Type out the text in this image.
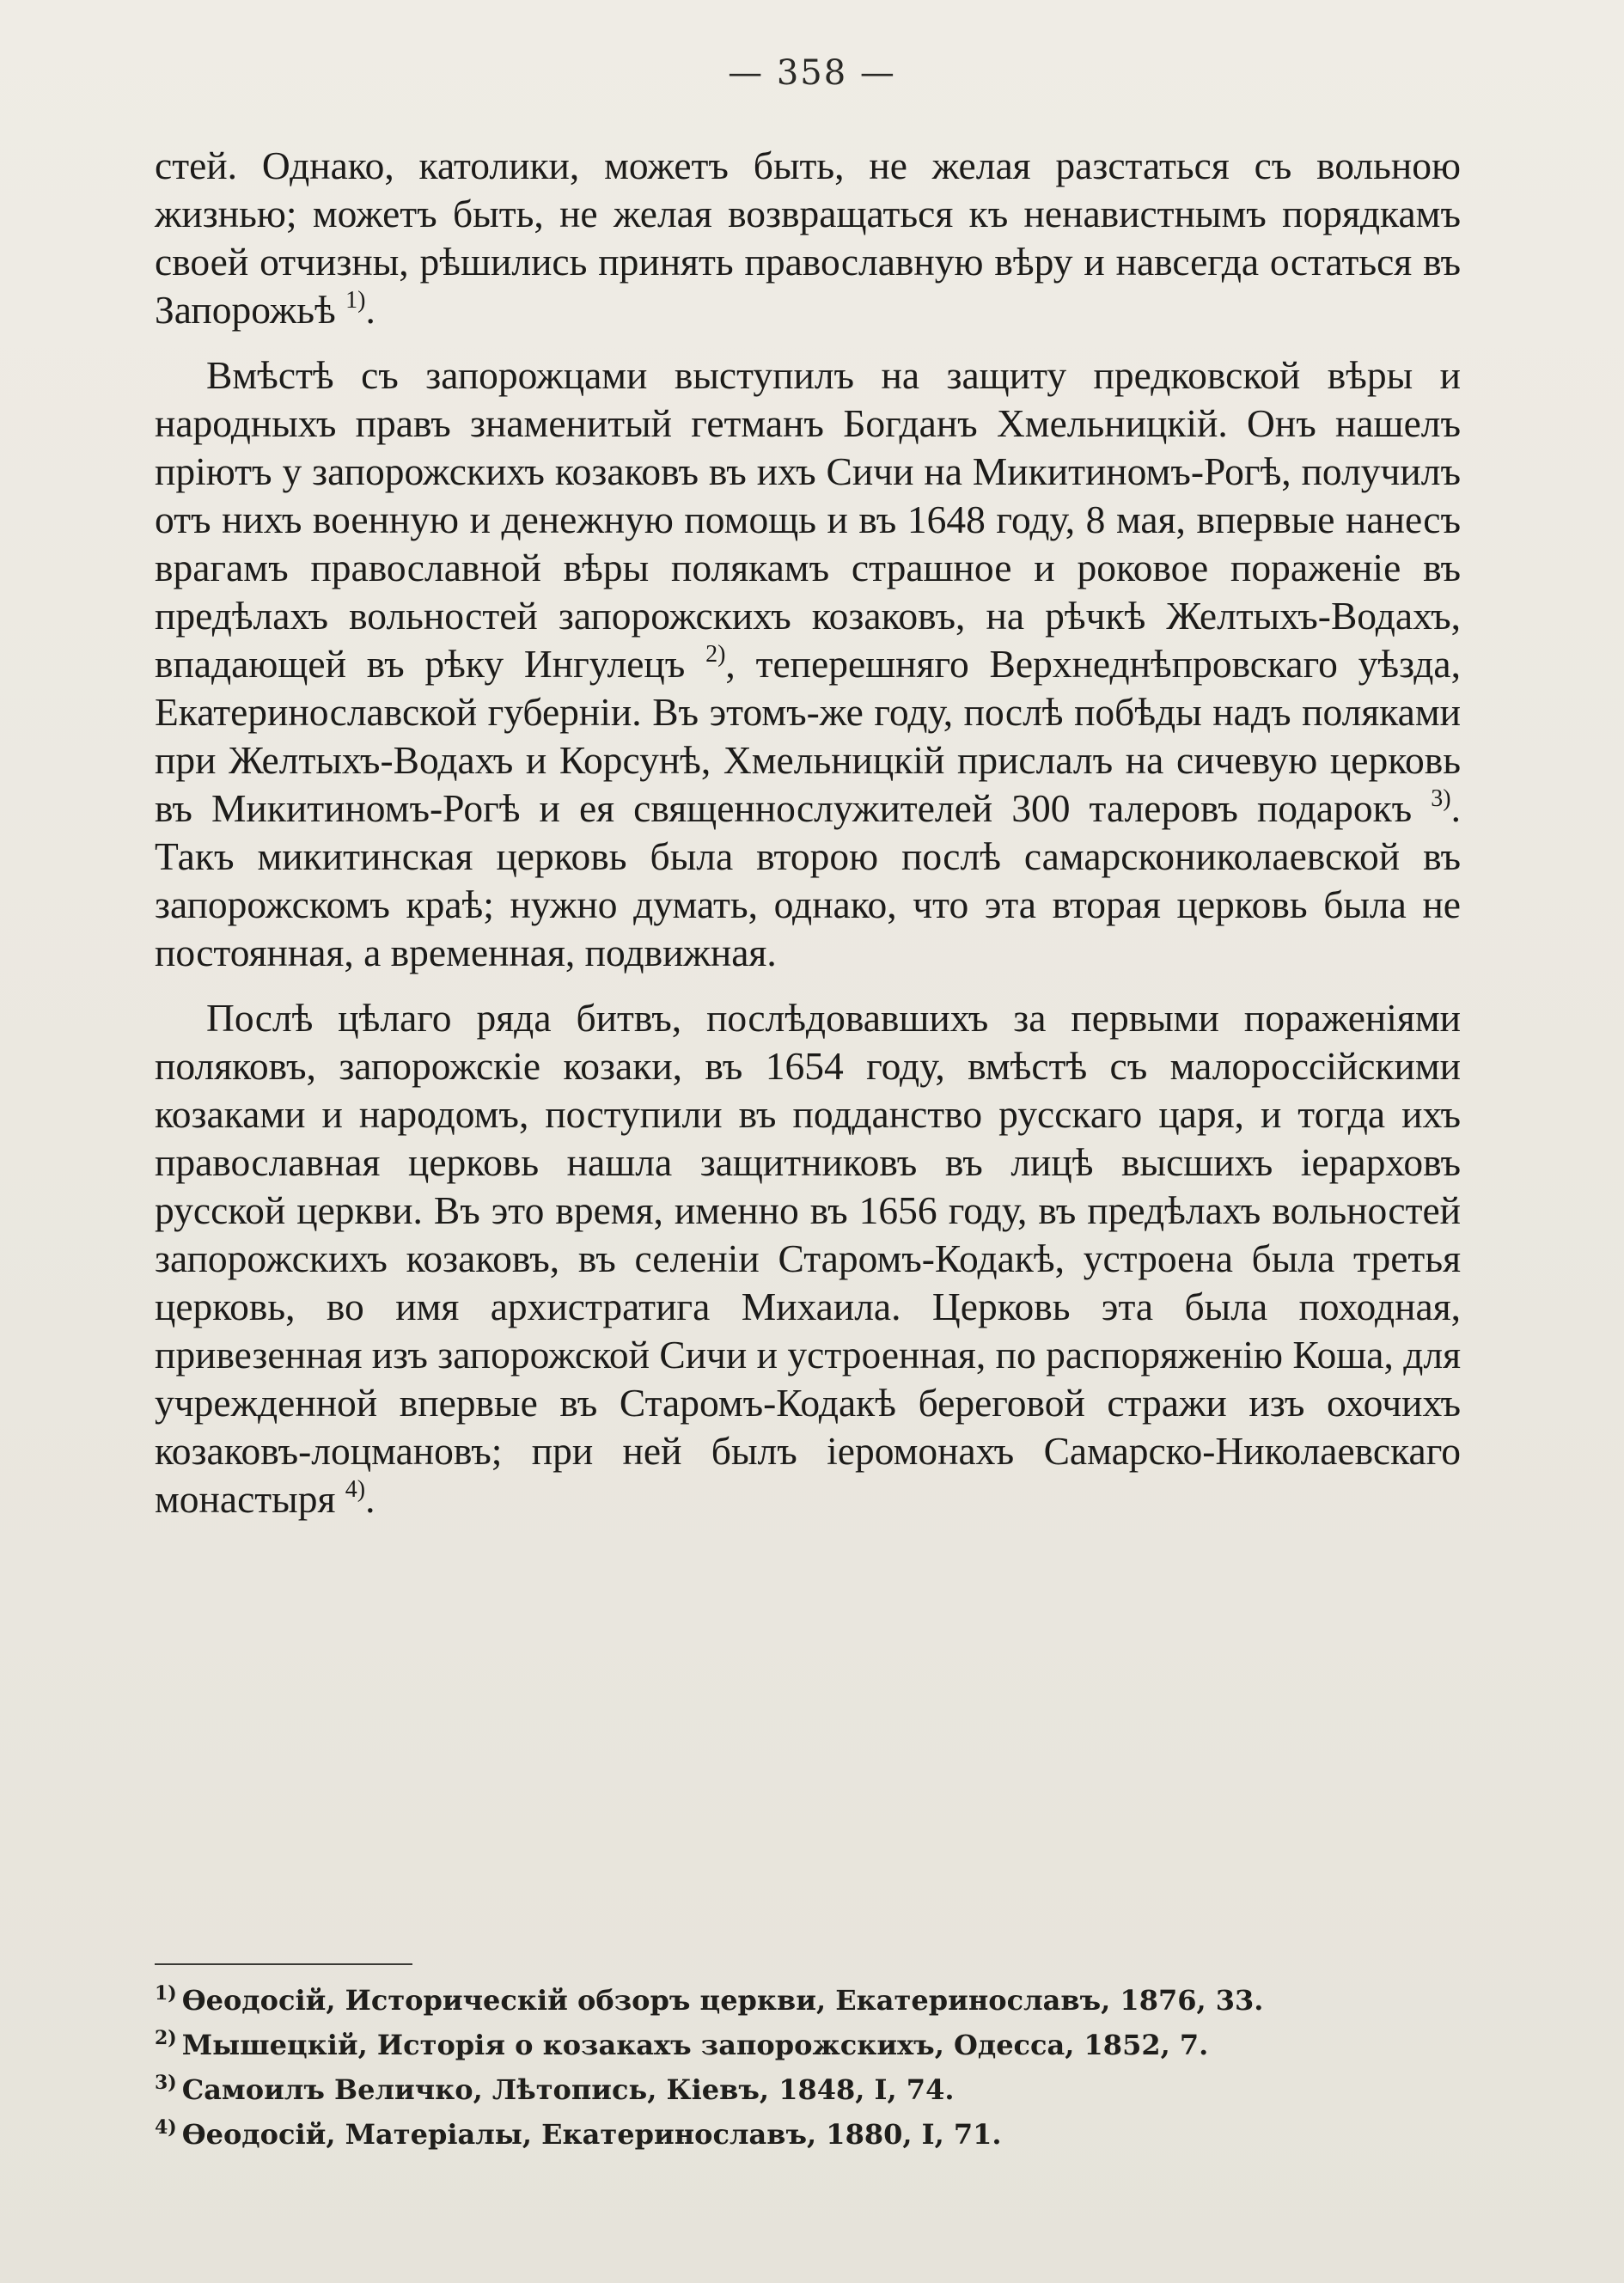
— 358 —

стей. Однако, католики, можетъ быть, не желая разстаться съ вольною жизнью; можетъ быть, не желая возвращаться къ ненавистнымъ порядкамъ своей отчизны, рѣшились принять православную вѣру и навсегда остаться въ Запорожьѣ $^{1)}$.

Вмѣстѣ съ запорожцами выступилъ на защиту предковской вѣры и народныхъ правъ знаменитый гетманъ Богданъ Хмельницкій. Онъ нашелъ пріютъ у запорожскихъ козаковъ въ ихъ Сичи на Микитиномъ-Рогѣ, получилъ отъ нихъ военную и денежную помощь и въ 1648 году, 8 мая, впервые нанесъ врагамъ православной вѣры полякамъ страшное и роковое пораженіе въ предѣлахъ вольностей запорожскихъ козаковъ, на рѣчкѣ Желтыхъ-Водахъ, впадающей въ рѣку Ингулецъ $^{2)}$, теперешняго Верхнеднѣпровскаго уѣзда, Екатеринославской губерніи. Въ этомъ-же году, послѣ побѣды надъ поляками при Желтыхъ-Водахъ и Корсунѣ, Хмельницкій прислалъ на сичевую церковь въ Микитиномъ-Рогѣ и ея священнослужителей 300 талеровъ подарокъ $^{3)}$. Такъ микитинская церковь была второю послѣ самарскониколаевской въ запорожскомъ краѣ; нужно думать, однако, что эта вторая церковь была не постоянная, а временная, подвижная.

Послѣ цѣлаго ряда битвъ, послѣдовавшихъ за первыми пораженіями поляковъ, запорожскіе козаки, въ 1654 году, вмѣстѣ съ малороссійскими козаками и народомъ, поступили въ подданство русскаго царя, и тогда ихъ православная церковь нашла защитниковъ въ лицѣ высшихъ іерарховъ русской церкви. Въ это время, именно въ 1656 году, въ предѣлахъ вольностей запорожскихъ козаковъ, въ селеніи Старомъ-Кодакѣ, устроена была третья церковь, во имя архистратига Михаила. Церковь эта была походная, привезенная изъ запорожской Сичи и устроенная, по распоряженію Коша, для учрежденной впервые въ Старомъ-Кодакѣ береговой стражи изъ охочихъ козаковъ-лоцмановъ; при ней былъ іеромонахъ Самарско-Николаевскаго монастыря $^{4)}$.

$^{1)}$ Ѳеодосій, Историческій обзоръ церкви, Екатеринославъ, 1876, 33.
$^{2)}$ Мышецкій, Исторія о козакахъ запорожскихъ, Одесса, 1852, 7.
$^{3)}$ Самоилъ Величко, Лѣтопись, Кіевъ, 1848, I, 74.
$^{4)}$ Ѳеодосій, Матеріалы, Екатеринославъ, 1880, I, 71.
